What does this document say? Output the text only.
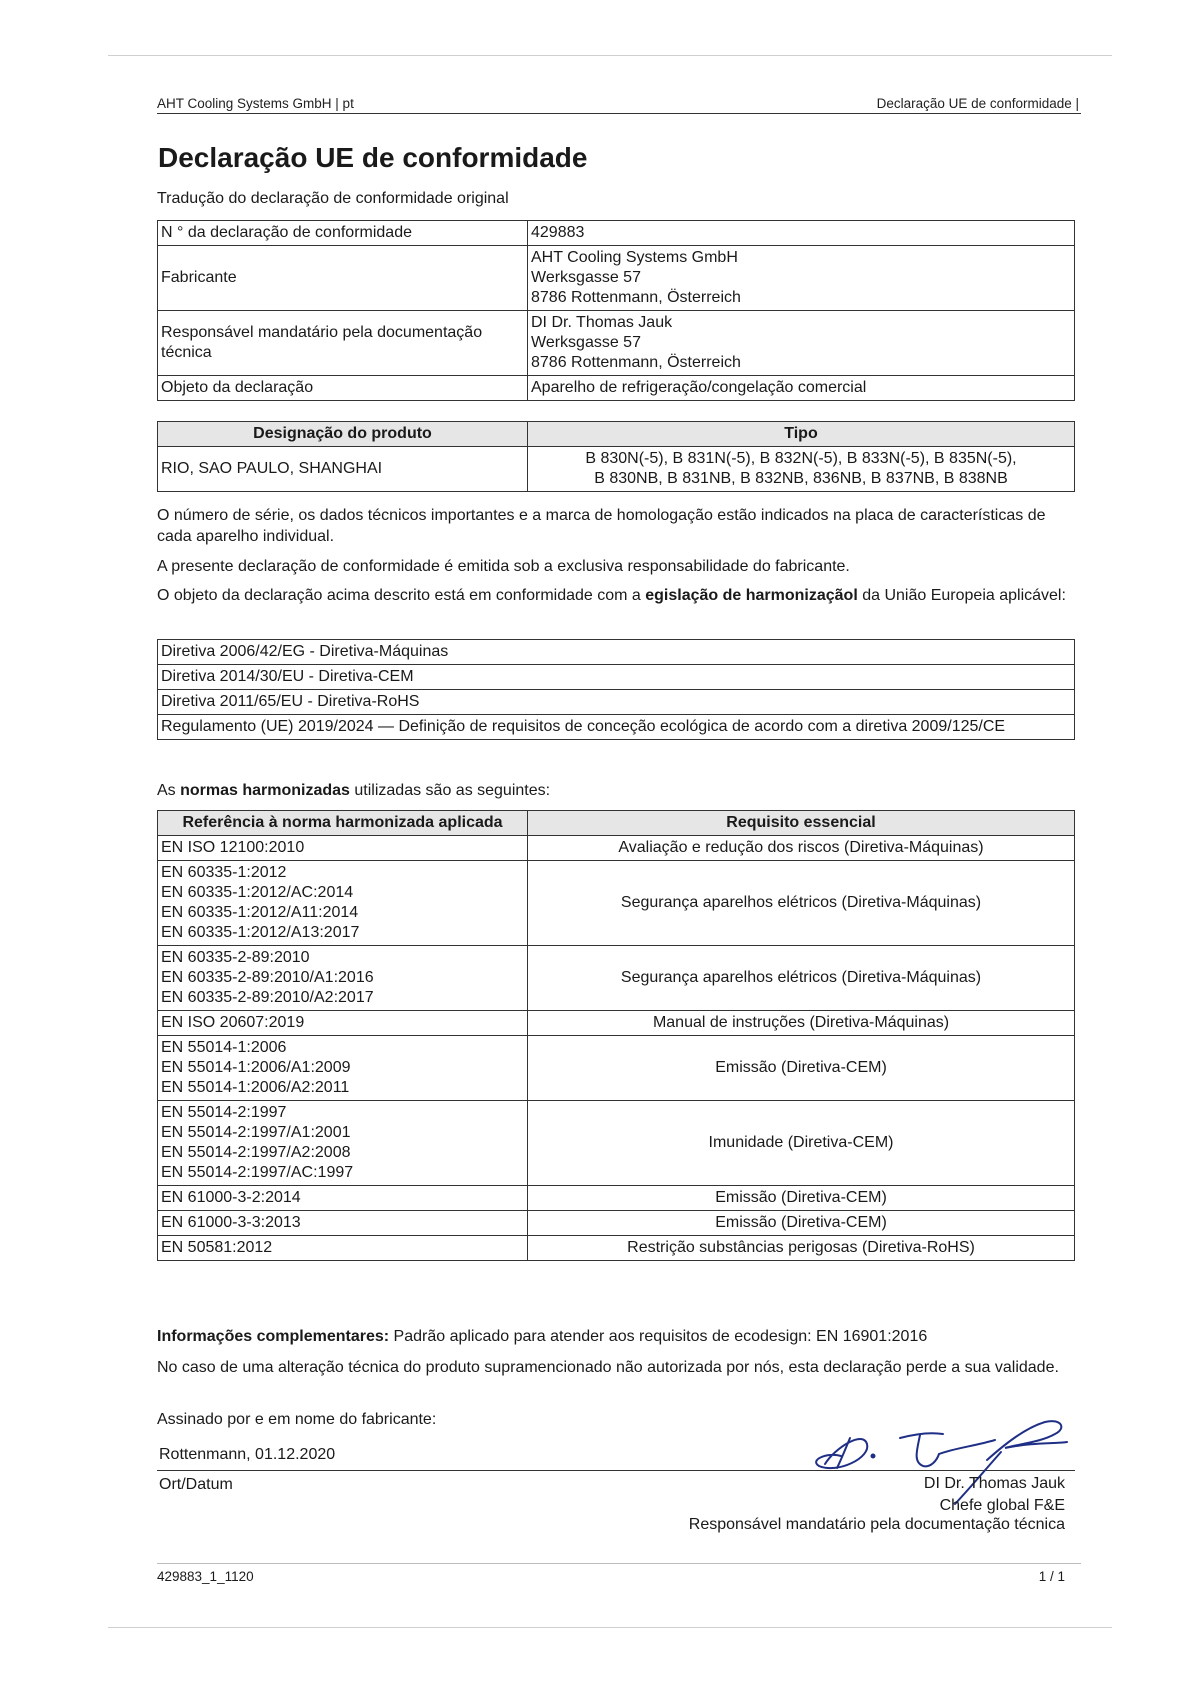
AHT Cooling Systems GmbH | pt	Declaração UE de conformidade |
Declaração UE de conformidade
Tradução do declaração de conformidade original
N ° da declaração de conformidade	429883
Fabricante	AHT Cooling Systems GmbH
Werksgasse 57
8786 Rottenmann, Österreich

Responsável mandatário pela documentação técnica	DI Dr. Thomas Jauk
Werksgasse 57
8786 Rottenmann, Österreich

Objeto da declaração	Aparelho de refrigeração/congelação comercial
Designação do produto	Tipo
RIO, SAO PAULO, SHANGHAI	B 830N(-5), B 831N(-5), B 832N(-5), B 833N(-5), B 835N(-5),
B 830NB, B 831NB, B 832NB, 836NB, B 837NB, B 838NB
O número de série, os dados técnicos importantes e a marca de homologação estão indicados na placa de características de cada aparelho individual.
A presente declaração de conformidade é emitida sob a exclusiva responsabilidade do fabricante.
O objeto da declaração acima descrito está em conformidade com a egislação de harmonizaçãol da União Europeia aplicável:
Diretiva 2006/42/EG - Diretiva-Máquinas
Diretiva 2014/30/EU - Diretiva-CEM
Diretiva 2011/65/EU - Diretiva-RoHS
Regulamento (UE) 2019/2024 — Definição de requisitos de conceção ecológica de acordo com a diretiva 2009/125/CE
As normas harmonizadas utilizadas são as seguintes:
Referência à norma harmonizada aplicada	Requisito essencial

EN ISO 12100:2010	Avaliação e redução dos riscos (Diretiva-Máquinas)

EN 60335-1:2012
EN 60335-1:2012/AC:2014
EN 60335-1:2012/A11:2014
EN 60335-1:2012/A13:2017	Segurança aparelhos elétricos (Diretiva-Máquinas)

EN 60335-2-89:2010
EN 60335-2-89:2010/A1:2016
EN 60335-2-89:2010/A2:2017	Segurança aparelhos elétricos (Diretiva-Máquinas)

EN ISO 20607:2019	Manual de instruções (Diretiva-Máquinas)

EN 55014-1:2006
EN 55014-1:2006/A1:2009
EN 55014-1:2006/A2:2011	Emissão (Diretiva-CEM)

EN 55014-2:1997
EN 55014-2:1997/A1:2001
EN 55014-2:1997/A2:2008
EN 55014-2:1997/AC:1997	Imunidade (Diretiva-CEM)

EN 61000-3-2:2014	Emissão (Diretiva-CEM)

EN 61000-3-3:2013	Emissão (Diretiva-CEM)

EN 50581:2012	Restrição substâncias perigosas (Diretiva-RoHS)
Informações complementares: Padrão aplicado para atender aos requisitos de ecodesign: EN 16901:2016
No caso de uma alteração técnica do produto supramencionado não autorizada por nós, esta declaração perde a sua validade.
Assinado por e em nome do fabricante:
Rottenmann, 01.12.2020
Ort/Datum	DI Dr. Thomas Jauk
Chefe global F&E
Responsável mandatário pela documentação técnica
429883_1_1120	1 / 1
